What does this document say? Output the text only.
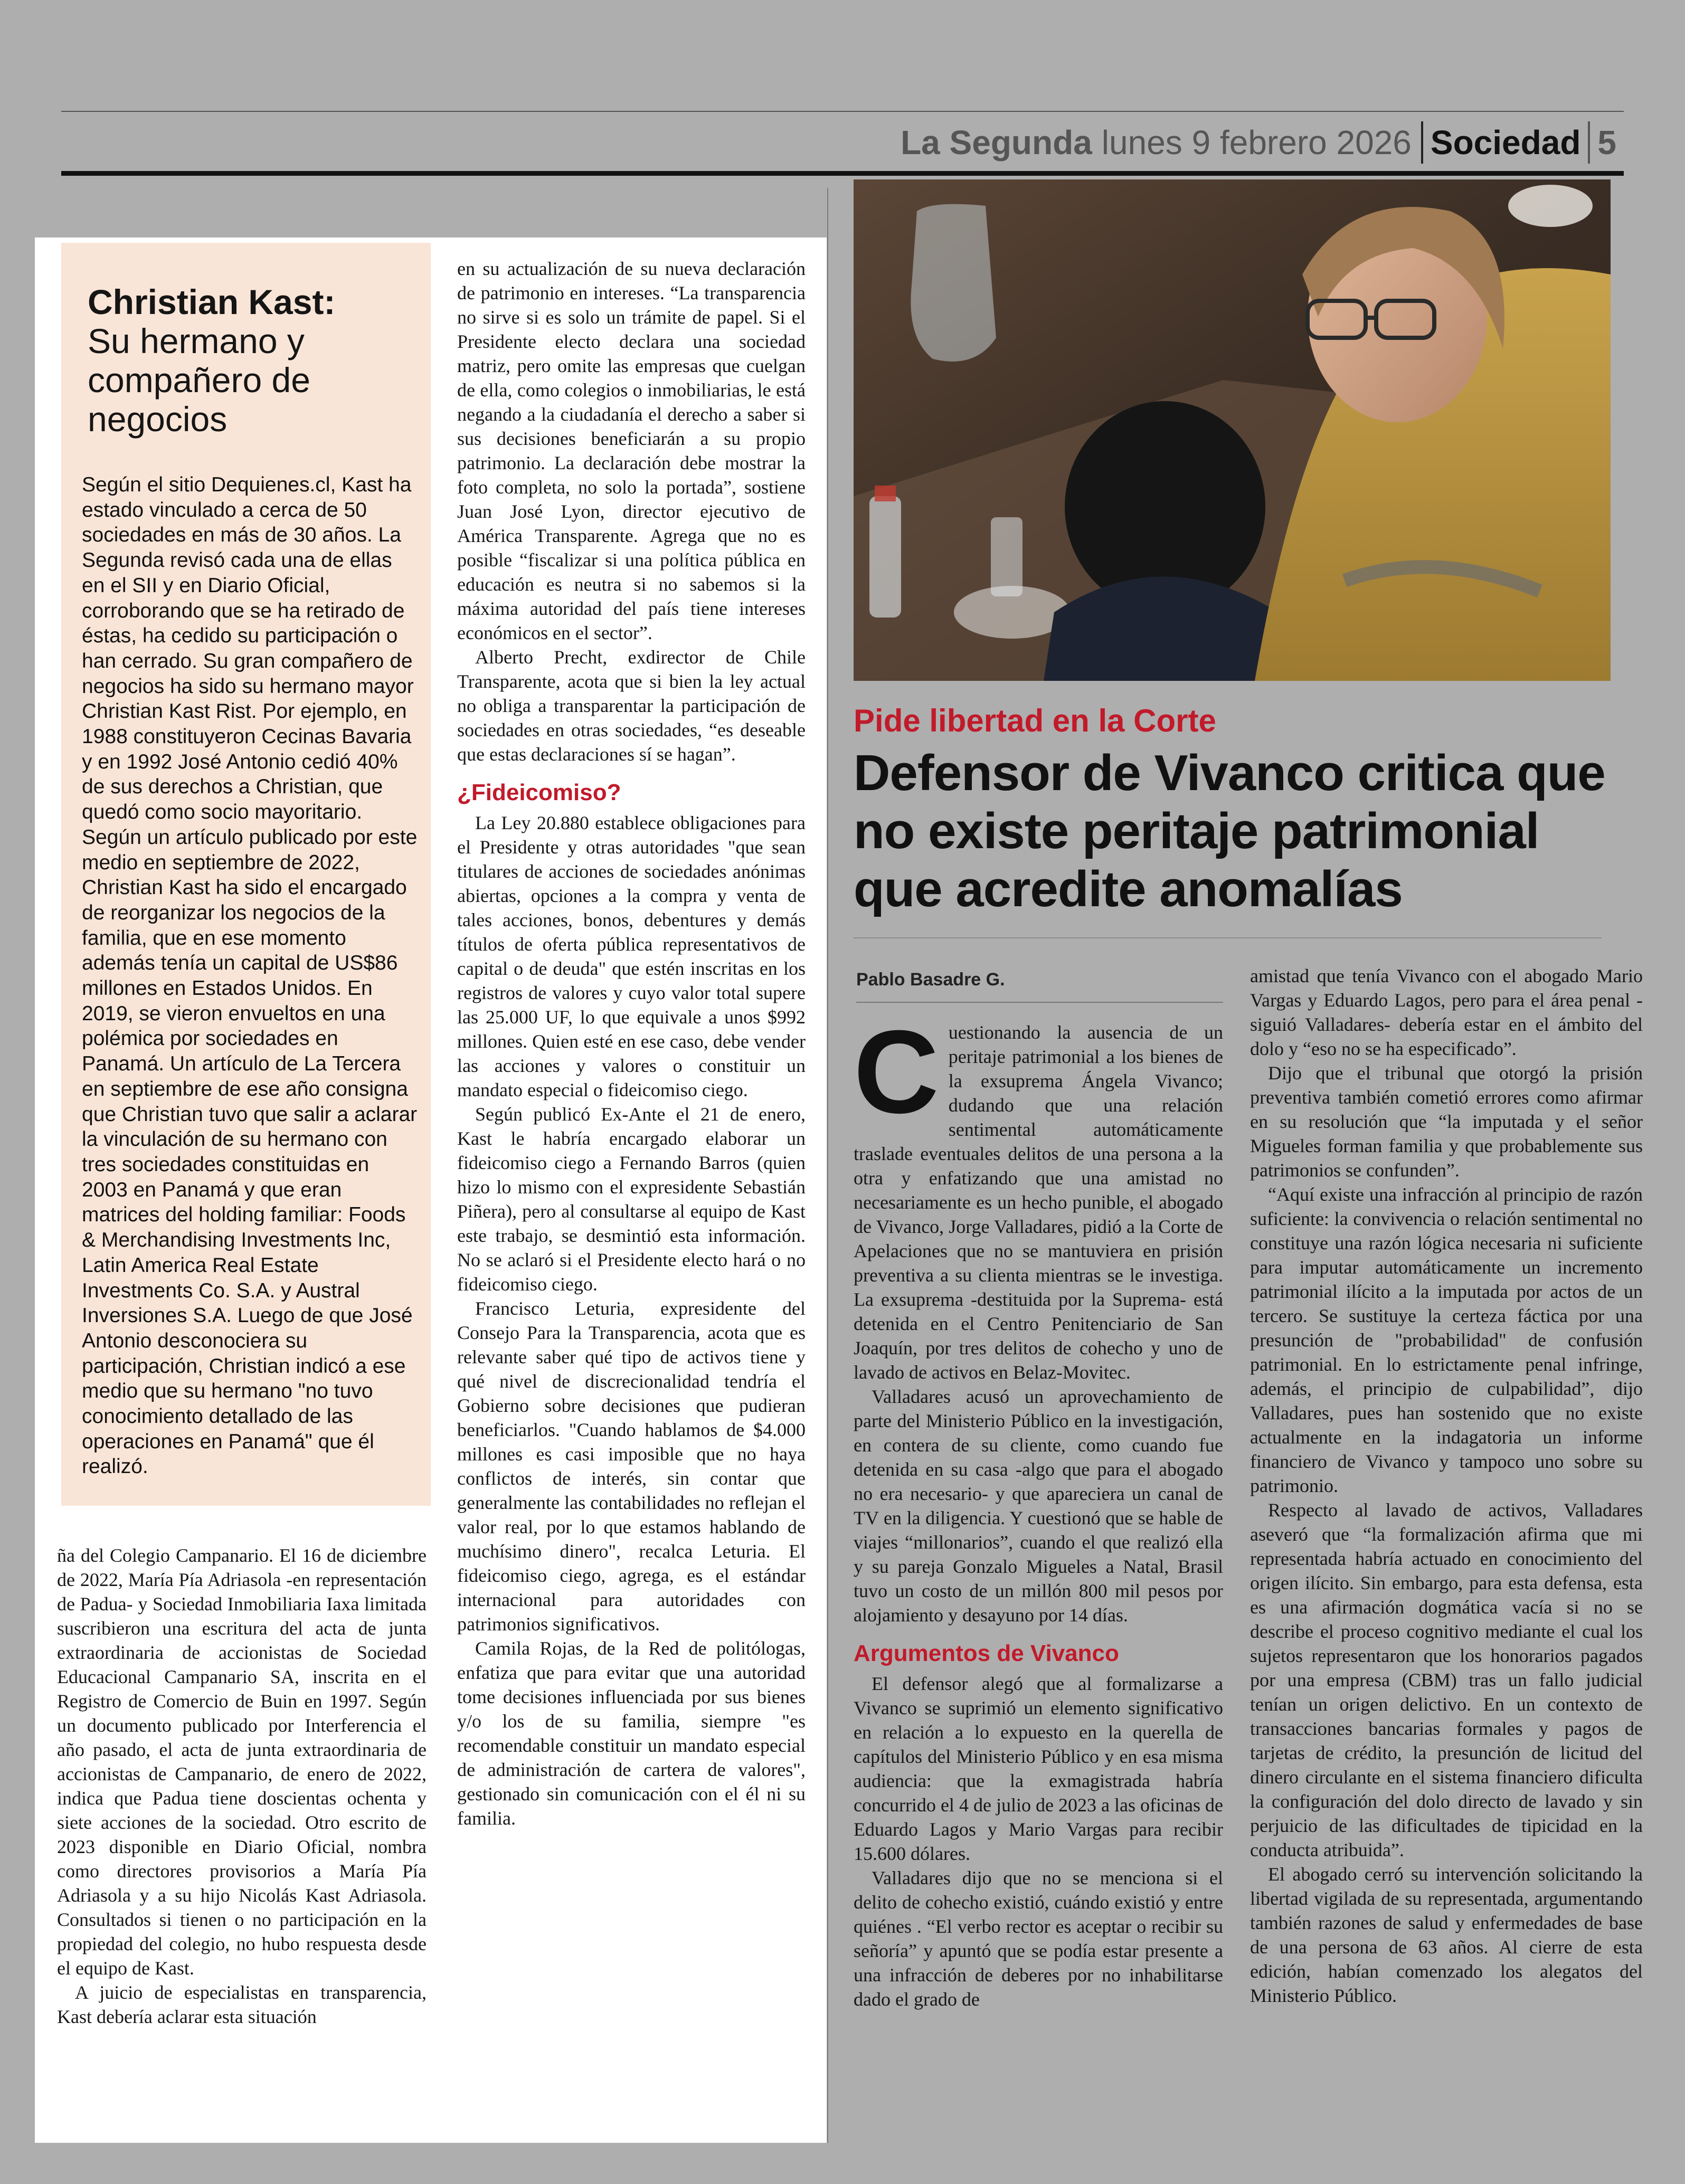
La Segunda lunes 9 febrero 2026 Sociedad 5
Christian Kast:
Su hermano y compañero de negocios

Según el sitio Dequienes.cl, Kast ha estado vinculado a cerca de 50 sociedades en más de 30 años. La Segunda revisó cada una de ellas en el SII y en Diario Oficial, corroborando que se ha retirado de éstas, ha cedido su participación o han cerrado. Su gran compañero de negocios ha sido su hermano mayor Christian Kast Rist. Por ejemplo, en 1988 constituyeron Cecinas Bavaria y en 1992 José Antonio cedió 40% de sus derechos a Christian, que quedó como socio mayoritario. Según un artículo publicado por este medio en septiembre de 2022, Christian Kast ha sido el encargado de reorganizar los negocios de la familia, que en ese momento además tenía un capital de US$86 millones en Estados Unidos. En 2019, se vieron envueltos en una polémica por sociedades en Panamá. Un artículo de La Tercera en septiembre de ese año consigna que Christian tuvo que salir a aclarar la vinculación de su hermano con tres sociedades constituidas en 2003 en Panamá y que eran matrices del holding familiar: Foods & Merchandising Investments Inc, Latin America Real Estate Investments Co. S.A. y Austral Inversiones S.A. Luego de que José Antonio desconociera su participación, Christian indicó a ese medio que su hermano "no tuvo conocimiento detallado de las operaciones en Panamá" que él realizó.

ña del Colegio Campanario. El 16 de diciembre de 2022, María Pía Adriasola -en representación de Padua- y Sociedad Inmobiliaria Iaxa limitada suscribieron una escritura del acta de junta extraordinaria de accionistas de Sociedad Educacional Campanario SA, inscrita en el Registro de Comercio de Buin en 1997. Según un documento publicado por Interferencia el año pasado, el acta de junta extraordinaria de accionistas de Campanario, de enero de 2022, indica que Padua tiene doscientas ochenta y siete acciones de la sociedad. Otro escrito de 2023 disponible en Diario Oficial, nombra como directores provisorios a María Pía Adriasola y a su hijo Nicolás Kast Adriasola. Consultados si tienen o no participación en la propiedad del colegio, no hubo respuesta desde el equipo de Kast.

A juicio de especialistas en transparencia, Kast debería aclarar esta situación

en su actualización de su nueva declaración de patrimonio en intereses. “La transparencia no sirve si es solo un trámite de papel. Si el Presidente electo declara una sociedad matriz, pero omite las empresas que cuelgan de ella, como colegios o inmobiliarias, le está negando a la ciudadanía el derecho a saber si sus decisiones beneficiarán a su propio patrimonio. La declaración debe mostrar la foto completa, no solo la portada”, sostiene Juan José Lyon, director ejecutivo de América Transparente. Agrega que no es posible “fiscalizar si una política pública en educación es neutra si no sabemos si la máxima autoridad del país tiene intereses económicos en el sector”.

Alberto Precht, exdirector de Chile Transparente, acota que si bien la ley actual no obliga a transparentar la participación de sociedades en otras sociedades, “es deseable que estas declaraciones sí se hagan”.

¿Fideicomiso?

La Ley 20.880 establece obligaciones para el Presidente y otras autoridades "que sean titulares de acciones de sociedades anónimas abiertas, opciones a la compra y venta de tales acciones, bonos, debentures y demás títulos de oferta pública representativos de capital o de deuda" que estén inscritas en los registros de valores y cuyo valor total supere las 25.000 UF, lo que equivale a unos $992 millones. Quien esté en ese caso, debe vender las acciones y valores o constituir un mandato especial o fideicomiso ciego.

Según publicó Ex-Ante el 21 de enero, Kast le habría encargado elaborar un fideicomiso ciego a Fernando Barros (quien hizo lo mismo con el expresidente Sebastián Piñera), pero al consultarse al equipo de Kast este trabajo, se desmintió esta información. No se aclaró si el Presidente electo hará o no fideicomiso ciego.

Francisco Leturia, expresidente del Consejo Para la Transparencia, acota que es relevante saber qué tipo de activos tiene y qué nivel de discrecionalidad tendría el Gobierno sobre decisiones que pudieran beneficiarlos. "Cuando hablamos de $4.000 millones es casi imposible que no haya conflictos de interés, sin contar que generalmente las contabilidades no reflejan el valor real, por lo que estamos hablando de muchísimo dinero", recalca Leturia. El fideicomiso ciego, agrega, es el estándar internacional para autoridades con patrimonios significativos.

Camila Rojas, de la Red de politólogas, enfatiza que para evitar que una autoridad tome decisiones influenciada por sus bienes y/o los de su familia, siempre "es recomendable constituir un mandato especial de administración de cartera de valores", gestionado sin comunicación con el él ni su familia.

Pide libertad en la Corte

Defensor de Vivanco critica que no existe peritaje patrimonial que acredite anomalías

Pablo Basadre G.

Cuestionando la ausencia de un peritaje patrimonial a los bienes de la exsuprema Ángela Vivanco; dudando que una relación sentimental automáticamente traslade eventuales delitos de una persona a la otra y enfatizando que una amistad no necesariamente es un hecho punible, el abogado de Vivanco, Jorge Valladares, pidió a la Corte de Apelaciones que no se mantuviera en prisión preventiva a su clienta mientras se le investiga. La exsuprema -destituida por la Suprema- está detenida en el Centro Penitenciario de San Joaquín, por tres delitos de cohecho y uno de lavado de activos en Belaz-Movitec.

Valladares acusó un aprovechamiento de parte del Ministerio Público en la investigación, en contera de su cliente, como cuando fue detenida en su casa -algo que para el abogado no era necesario- y que apareciera un canal de TV en la diligencia. Y cuestionó que se hable de viajes “millonarios”, cuando el que realizó ella y su pareja Gonzalo Migueles a Natal, Brasil tuvo un costo de un millón 800 mil pesos por alojamiento y desayuno por 14 días.

Argumentos de Vivanco

El defensor alegó que al formalizarse a Vivanco se suprimió un elemento significativo en relación a lo expuesto en la querella de capítulos del Ministerio Público y en esa misma audiencia: que la exmagistrada habría concurrido el 4 de julio de 2023 a las oficinas de Eduardo Lagos y Mario Vargas para recibir 15.600 dólares.

Valladares dijo que no se menciona si el delito de cohecho existió, cuándo existió y entre quiénes . “El verbo rector es aceptar o recibir su señoría” y apuntó que se podía estar presente a una infracción de deberes por no inhabilitarse dado el grado de

amistad que tenía Vivanco con el abogado Mario Vargas y Eduardo Lagos, pero para el área penal -siguió Valladares- debería estar en el ámbito del dolo y “eso no se ha especificado”.

Dijo que el tribunal que otorgó la prisión preventiva también cometió errores como afirmar en su resolución que “la imputada y el señor Migueles forman familia y que probablemente sus patrimonios se confunden”.

“Aquí existe una infracción al principio de razón suficiente: la convivencia o relación sentimental no constituye una razón lógica necesaria ni suficiente para imputar automáticamente un incremento patrimonial ilícito a la imputada por actos de un tercero. Se sustituye la certeza fáctica por una presunción de "probabilidad" de confusión patrimonial. En lo estrictamente penal infringe, además, el principio de culpabilidad”, dijo Valladares, pues han sostenido que no existe actualmente en la indagatoria un informe financiero de Vivanco y tampoco uno sobre su patrimonio.

Respecto al lavado de activos, Valladares aseveró que “la formalización afirma que mi representada habría actuado en conocimiento del origen ilícito. Sin embargo, para esta defensa, esta es una afirmación dogmática vacía si no se describe el proceso cognitivo mediante el cual los sujetos representaron que los honorarios pagados por una empresa (CBM) tras un fallo judicial tenían un origen delictivo. En un contexto de transacciones bancarias formales y pagos de tarjetas de crédito, la presunción de licitud del dinero circulante en el sistema financiero dificulta la configuración del dolo directo de lavado y sin perjuicio de las dificultades de tipicidad en la conducta atribuida”.

El abogado cerró su intervención solicitando la libertad vigilada de su representada, argumentando también razones de salud y enfermedades de base de una persona de 63 años. Al cierre de esta edición, habían comenzado los alegatos del Ministerio Público.
